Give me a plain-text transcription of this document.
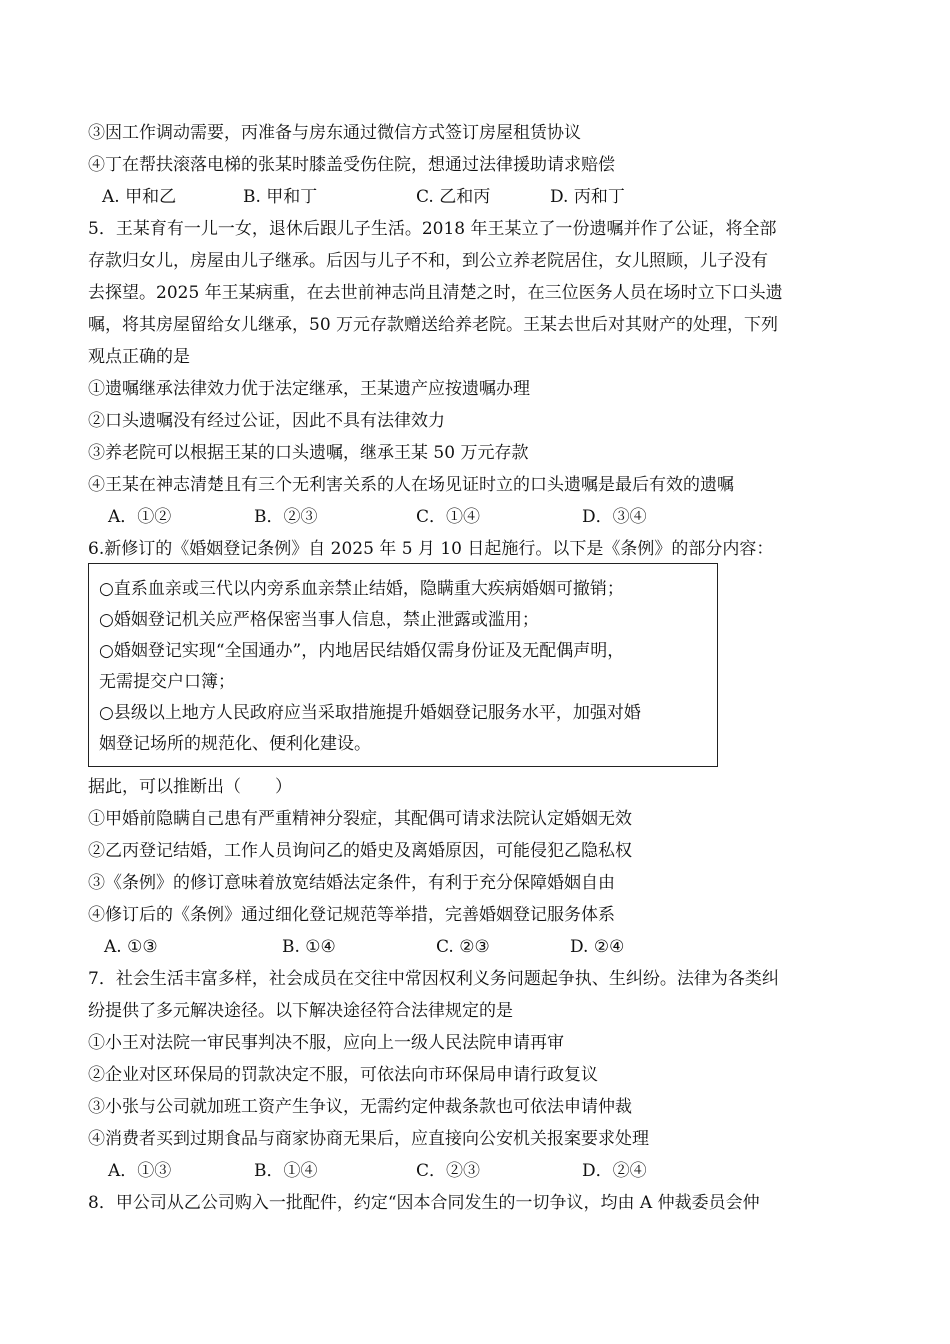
③因工作调动需要，丙准备与房东通过微信方式签订房屋租赁协议
④丁在帮扶滚落电梯的张某时膝盖受伤住院，想通过法律援助请求赔偿
A. 甲和乙	B. 甲和丁	C. 乙和丙	D. 丙和丁
5．王某育有一儿一女，退休后跟儿子生活。2018 年王某立了一份遗嘱并作了公证，将全部
存款归女儿，房屋由儿子继承。后因与儿子不和，到公立养老院居住，女儿照顾，儿子没有
去探望。2025 年王某病重，在去世前神志尚且清楚之时，在三位医务人员在场时立下口头遗
嘱，将其房屋留给女儿继承，50 万元存款赠送给养老院。王某去世后对其财产的处理，下列
观点正确的是
①遗嘱继承法律效力优于法定继承，王某遗产应按遗嘱办理
②口头遗嘱没有经过公证，因此不具有法律效力
③养老院可以根据王某的口头遗嘱，继承王某 50 万元存款
④王某在神志清楚且有三个无利害关系的人在场见证时立的口头遗嘱是最后有效的遗嘱
A．①②	B．②③	C．①④	D．③④
6.新修订的《婚姻登记条例》自 2025 年 5 月 10 日起施行。以下是《条例》的部分内容：
○直系血亲或三代以内旁系血亲禁止结婚，隐瞒重大疾病婚姻可撤销；
○婚姻登记机关应严格保密当事人信息，禁止泄露或滥用；
○婚姻登记实现“全国通办”，内地居民结婚仅需身份证及无配偶声明，
无需提交户口簿；
○县级以上地方人民政府应当采取措施提升婚姻登记服务水平，加强对婚
姻登记场所的规范化、便利化建设。
据此，可以推断出（　　）
①甲婚前隐瞒自己患有严重精神分裂症，其配偶可请求法院认定婚姻无效
②乙丙登记结婚，工作人员询问乙的婚史及离婚原因，可能侵犯乙隐私权
③《条例》的修订意味着放宽结婚法定条件，有利于充分保障婚姻自由
④修订后的《条例》通过细化登记规范等举措，完善婚姻登记服务体系
A. ①③	B. ①④	C. ②③	D. ②④
7．社会生活丰富多样，社会成员在交往中常因权利义务问题起争执、生纠纷。法律为各类纠
纷提供了多元解决途径。以下解决途径符合法律规定的是
①小王对法院一审民事判决不服，应向上一级人民法院申请再审
②企业对区环保局的罚款决定不服，可依法向市环保局申请行政复议
③小张与公司就加班工资产生争议，无需约定仲裁条款也可依法申请仲裁
④消费者买到过期食品与商家协商无果后，应直接向公安机关报案要求处理
A．①③	B．①④	C．②③	D．②④
8．甲公司从乙公司购入一批配件，约定“因本合同发生的一切争议，均由 A 仲裁委员会仲
